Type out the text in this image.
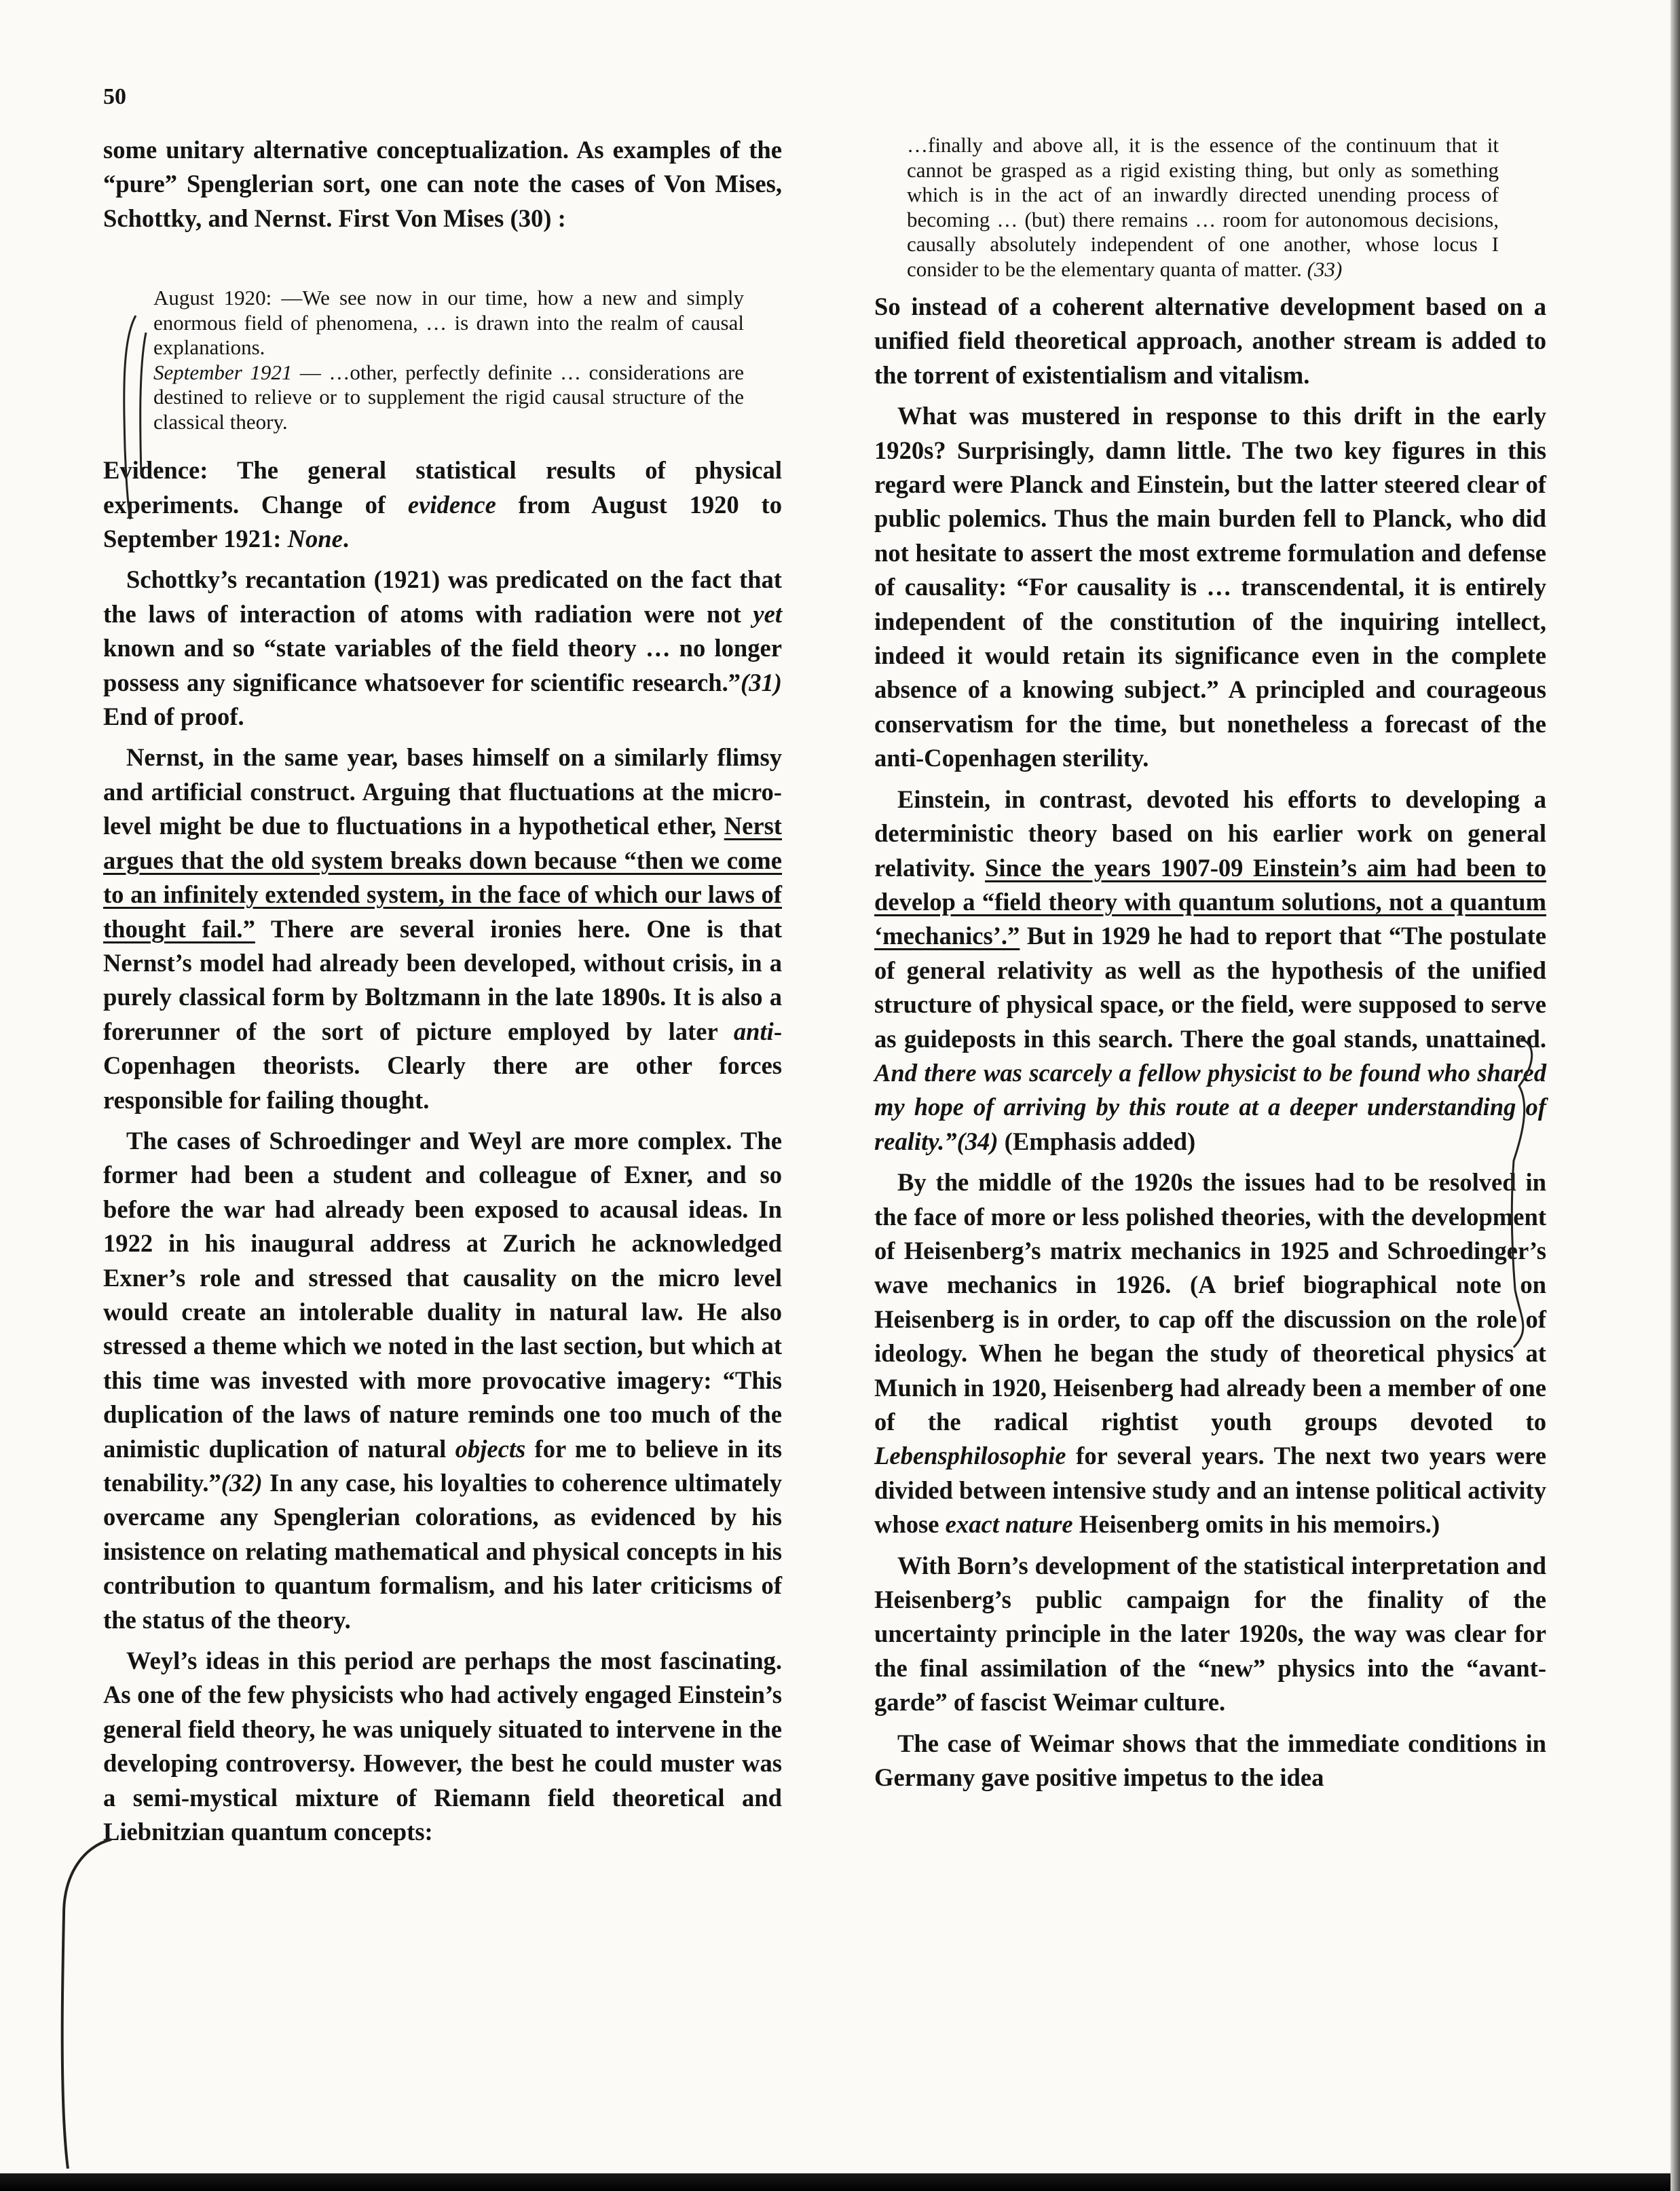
50

some unitary alternative conceptualization. As examples of the “pure” Spenglerian sort, one can note the cases of Von Mises, Schottky, and Nernst. First Von Mises (30) :

August 1920: —We see now in our time, how a new and simply enormous field of phenomena, … is drawn into the realm of causal explanations.
September 1921 — …other, perfectly definite … considerations are destined to relieve or to supplement the rigid causal structure of the classical theory.

Evidence: The general statistical results of physical experiments. Change of evidence from August 1920 to September 1921: None.

Schottky’s recantation (1921) was predicated on the fact that the laws of interaction of atoms with radiation were not yet known and so “state variables of the field theory … no longer possess any significance whatsoever for scientific research.”(31) End of proof.

Nernst, in the same year, bases himself on a similarly flimsy and artificial construct. Arguing that fluctuations at the micro-level might be due to fluctuations in a hypothetical ether, Nerst argues that the old system breaks down because “then we come to an infinitely extended system, in the face of which our laws of thought fail.” There are several ironies here. One is that Nernst’s model had already been developed, without crisis, in a purely classical form by Boltzmann in the late 1890s. It is also a forerunner of the sort of picture employed by later anti-Copenhagen theorists. Clearly there are other forces responsible for failing thought.

The cases of Schroedinger and Weyl are more complex. The former had been a student and colleague of Exner, and so before the war had already been exposed to acausal ideas. In 1922 in his inaugural address at Zurich he acknowledged Exner’s role and stressed that causality on the micro level would create an intolerable duality in natural law. He also stressed a theme which we noted in the last section, but which at this time was invested with more provocative imagery: “This duplication of the laws of nature reminds one too much of the animistic duplication of natural objects for me to believe in its tenability.”(32) In any case, his loyalties to coherence ultimately overcame any Spenglerian colorations, as evidenced by his insistence on relating mathematical and physical concepts in his contribution to quantum formalism, and his later criticisms of the status of the theory.

Weyl’s ideas in this period are perhaps the most fascinating. As one of the few physicists who had actively engaged Einstein’s general field theory, he was uniquely situated to intervene in the developing controversy. However, the best he could muster was a semi-mystical mixture of Riemann field theoretical and Liebnitzian quantum concepts:

…finally and above all, it is the essence of the continuum that it cannot be grasped as a rigid existing thing, but only as something which is in the act of an inwardly directed unending process of becoming … (but) there remains … room for autonomous decisions, causally absolutely independent of one another, whose locus I consider to be the elementary quanta of matter. (33)

So instead of a coherent alternative development based on a unified field theoretical approach, another stream is added to the torrent of existentialism and vitalism.

What was mustered in response to this drift in the early 1920s? Surprisingly, damn little. The two key figures in this regard were Planck and Einstein, but the latter steered clear of public polemics. Thus the main burden fell to Planck, who did not hesitate to assert the most extreme formulation and defense of causality: “For causality is … transcendental, it is entirely independent of the constitution of the inquiring intellect, indeed it would retain its significance even in the complete absence of a knowing subject.” A principled and courageous conservatism for the time, but nonetheless a forecast of the anti-Copenhagen sterility.

Einstein, in contrast, devoted his efforts to developing a deterministic theory based on his earlier work on general relativity. Since the years 1907-09 Einstein’s aim had been to develop a “field theory with quantum solutions, not a quantum ‘mechanics’.” But in 1929 he had to report that “The postulate of general relativity as well as the hypothesis of the unified structure of physical space, or the field, were supposed to serve as guideposts in this search. There the goal stands, unattained. And there was scarcely a fellow physicist to be found who shared my hope of arriving by this route at a deeper understanding of reality.”(34) (Emphasis added)

By the middle of the 1920s the issues had to be resolved in the face of more or less polished theories, with the development of Heisenberg’s matrix mechanics in 1925 and Schroedinger’s wave mechanics in 1926. (A brief biographical note on Heisenberg is in order, to cap off the discussion on the role of ideology. When he began the study of theoretical physics at Munich in 1920, Heisenberg had already been a member of one of the radical rightist youth groups devoted to Lebensphilosophie for several years. The next two years were divided between intensive study and an intense political activity whose exact nature Heisenberg omits in his memoirs.)

With Born’s development of the statistical interpretation and Heisenberg’s public campaign for the finality of the uncertainty principle in the later 1920s, the way was clear for the final assimilation of the “new” physics into the “avant-garde” of fascist Weimar culture.

The case of Weimar shows that the immediate conditions in Germany gave positive impetus to the idea
